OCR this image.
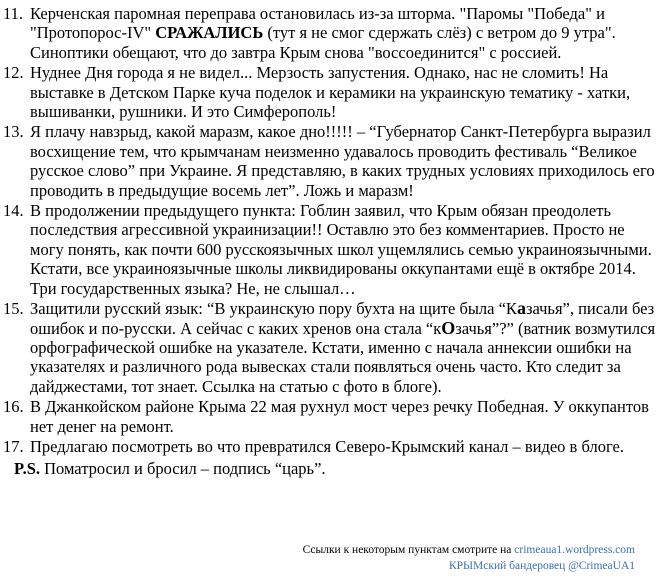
11. Керченская паромная переправа остановилась из-за шторма. "Паромы "Победа" и "Протопорос-IV" СРАЖАЛИСЬ (тут я не смог сдержать слёз) с ветром до 9 утра". Синоптики обещают, что до завтра Крым снова "воссоединится" с россией.
12. Нуднее Дня города я не видел... Мерзость запустения. Однако, нас не сломить! На выставке в Детском Парке куча поделок и керамики на украинскую тематику - хатки, вышиванки, рушники. И это Симферополь!
13. Я плачу навзрыд, какой маразм, какое дно!!!!! – “Губернатор Санкт-Петербурга выразил восхищение тем, что крымчанам неизменно удавалось проводить фестиваль “Великое русское слово” при Украине. Я представляю, в каких трудных условиях приходилось его проводить в предыдущие восемь лет”. Ложь и маразм!
14. В продолжении предыдущего пункта: Гоблин заявил, что Крым обязан преодолеть последствия агрессивной украинизации!! Оставлю это без комментариев. Просто не могу понять, как почти 600 русскоязычных школ ущемлялись семью украиноязычными. Кстати, все украиноязычные школы ликвидированы оккупантами ещё в октябре 2014. Три государственных языка? Не, не слышал…
15. Защитили русский язык: “В украинскую пору бухта на щите была “Казачья”, писали без ошибок и по-русски. А сейчас с каких хренов она стала “кОзачья”?” (ватник возмутился орфографической ошибке на указателе. Кстати, именно с начала аннексии ошибки на указателях и различного рода вывесках стали появляться очень часто. Кто следит за дайджестами, тот знает. Ссылка на статью с фото в блоге).
16. В Джанкойском районе Крыма 22 мая рухнул мост через речку Победная. У оккупантов нет денег на ремонт.
17. Предлагаю посмотреть во что превратился Северо-Крымский канал – видео в блоге.
P.S. Поматросил и бросил – подпись “царь”.
Ссылки к некоторым пунктам смотрите на crimeaua1.wordpress.com
КРЫМский бандеровец @CrimeaUA1
